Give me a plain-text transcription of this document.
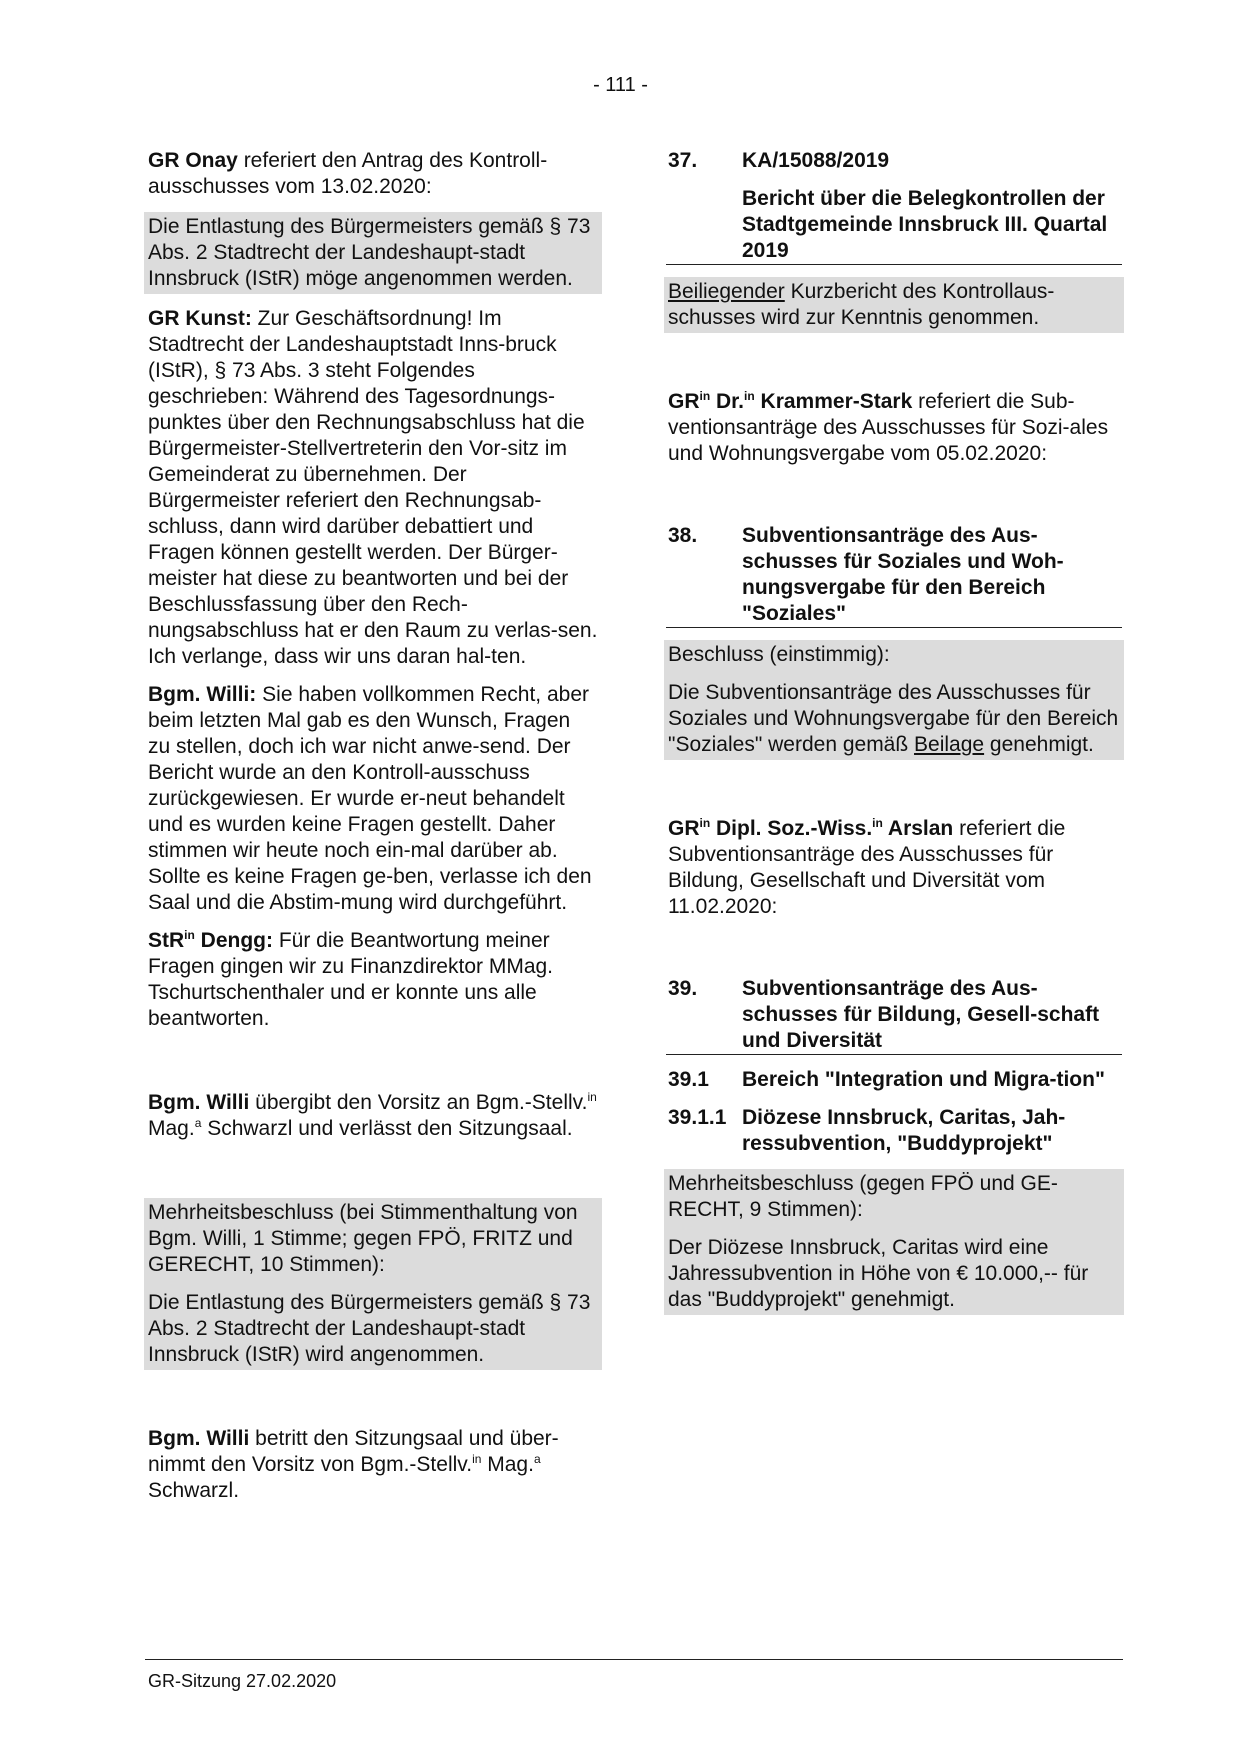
- 111 -

GR Onay referiert den Antrag des Kontroll-ausschusses vom 13.02.2020:

Die Entlastung des Bürgermeisters gemäß § 73 Abs. 2 Stadtrecht der Landeshaupt-stadt Innsbruck (IStR) möge angenommen werden.

GR Kunst: Zur Geschäftsordnung! Im Stadtrecht der Landeshauptstadt Inns-bruck (IStR), § 73 Abs. 3 steht Folgendes geschrieben: Während des Tagesordnungs-punktes über den Rechnungsabschluss hat die Bürgermeister-Stellvertreterin den Vor-sitz im Gemeinderat zu übernehmen. Der Bürgermeister referiert den Rechnungsab-schluss, dann wird darüber debattiert und Fragen können gestellt werden. Der Bürger-meister hat diese zu beantworten und bei der Beschlussfassung über den Rech-nungsabschluss hat er den Raum zu verlas-sen. Ich verlange, dass wir uns daran hal-ten.

Bgm. Willi: Sie haben vollkommen Recht, aber beim letzten Mal gab es den Wunsch, Fragen zu stellen, doch ich war nicht anwe-send. Der Bericht wurde an den Kontroll-ausschuss zurückgewiesen. Er wurde er-neut behandelt und es wurden keine Fragen gestellt. Daher stimmen wir heute noch ein-mal darüber ab. Sollte es keine Fragen ge-ben, verlasse ich den Saal und die Abstim-mung wird durchgeführt.

StR$^{in}$ Dengg: Für die Beantwortung meiner Fragen gingen wir zu Finanzdirektor MMag. Tschurtschenthaler und er konnte uns alle beantworten.

Bgm. Willi übergibt den Vorsitz an Bgm.-Stellv.$^{in}$ Mag.$^a$ Schwarzl und verlässt den Sitzungsaal.

Mehrheitsbeschluss (bei Stimmenthaltung von Bgm. Willi, 1 Stimme; gegen FPÖ, FRITZ und GERECHT, 10 Stimmen):

Die Entlastung des Bürgermeisters gemäß § 73 Abs. 2 Stadtrecht der Landeshaupt-stadt Innsbruck (IStR) wird angenommen.

Bgm. Willi betritt den Sitzungsaal und über-nimmt den Vorsitz von Bgm.-Stellv.$^{in}$ Mag.$^a$ Schwarzl.

37.	KA/15088/2019
Bericht über die Belegkontrollen der Stadtgemeinde Innsbruck III. Quartal 2019

Beiliegender Kurzbericht des Kontrollaus-schusses wird zur Kenntnis genommen.

$GR^{in}$ Dr.$^{in}$ Krammer-Stark referiert die Sub-ventionsanträge des Ausschusses für Sozi-ales und Wohnungsvergabe vom 05.02.2020:

38.	Subventionsanträge des Aus-schusses für Soziales und Woh-nungsvergabe für den Bereich "Soziales"

Beschluss (einstimmig):

Die Subventionsanträge des Ausschusses für Soziales und Wohnungsvergabe für den Bereich "Soziales" werden gemäß Beilage genehmigt.

$GR^{in}$ Dipl. Soz.-Wiss.$^{in}$ Arslan referiert die Subventionsanträge des Ausschusses für Bildung, Gesellschaft und Diversität vom 11.02.2020:

39.	Subventionsanträge des Aus-schusses für Bildung, Gesell-schaft und Diversität
39.1	Bereich "Integration und Migra-tion"
39.1.1 Diözese Innsbruck, Caritas, Jah-ressubvention, "Buddyprojekt"

Mehrheitsbeschluss (gegen FPÖ und GE-RECHT, 9 Stimmen):

Der Diözese Innsbruck, Caritas wird eine Jahressubvention in Höhe von € 10.000,-- für das "Buddyprojekt" genehmigt.

GR-Sitzung 27.02.2020
